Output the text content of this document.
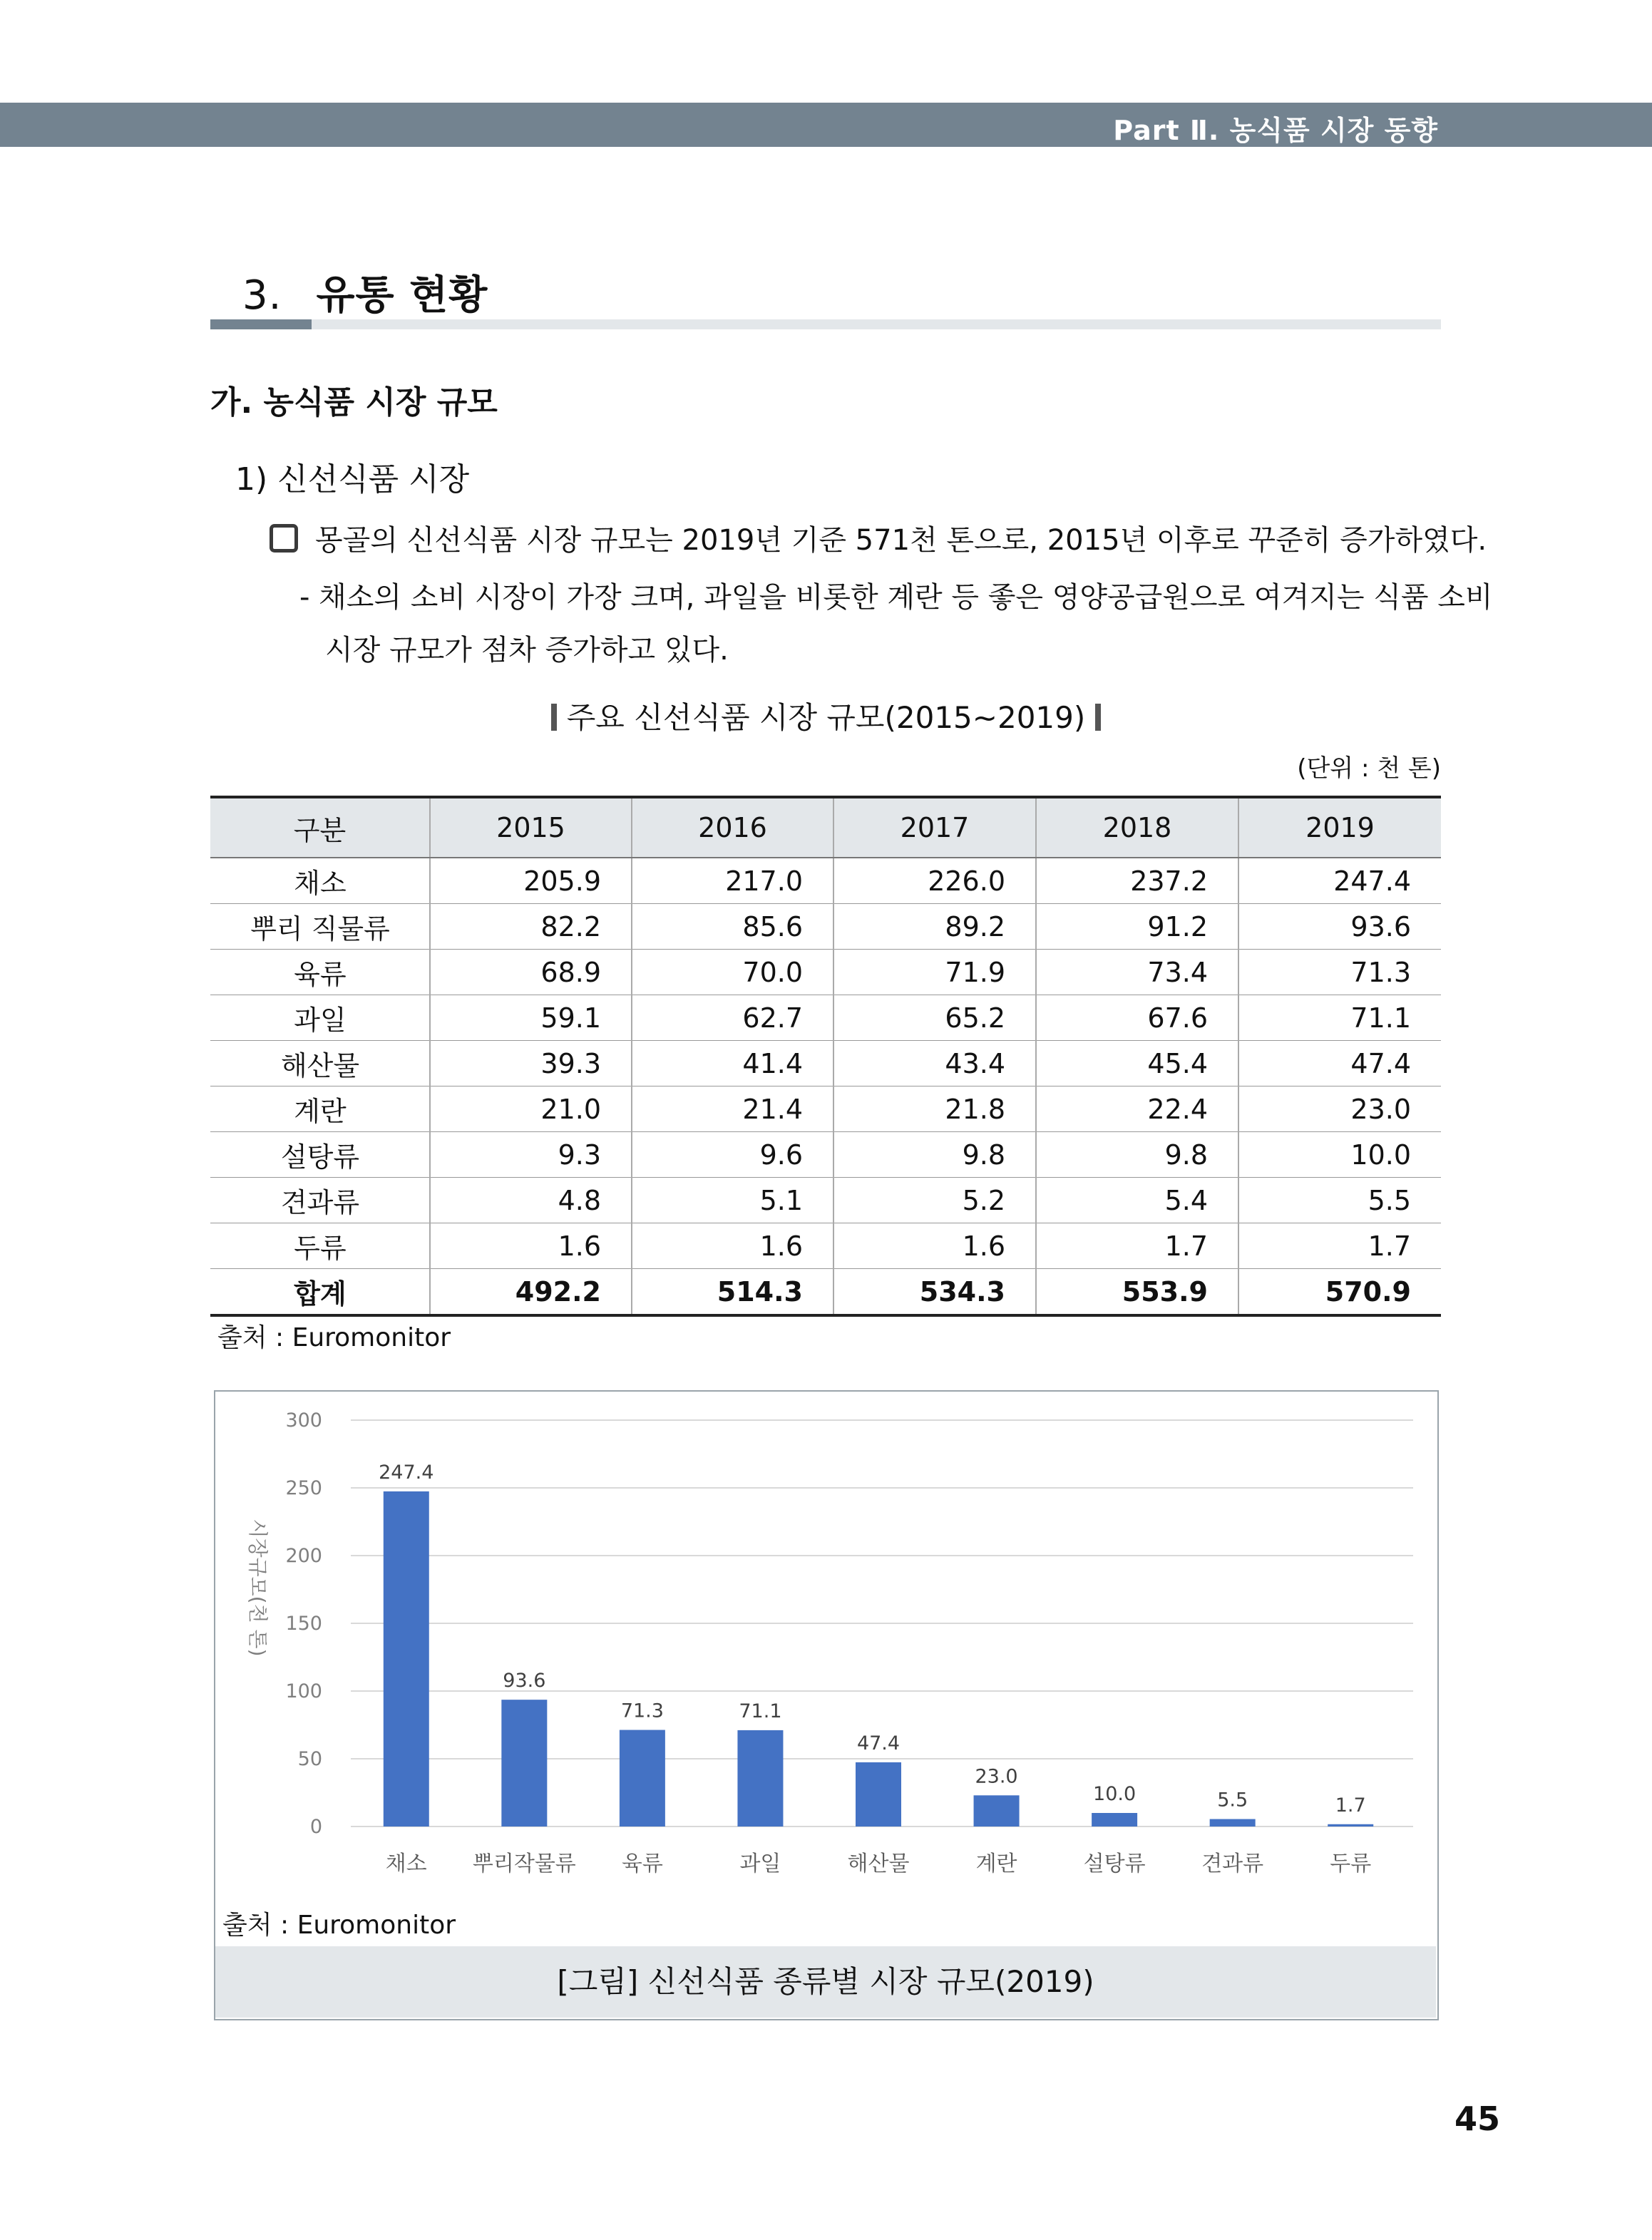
Part Ⅱ. 농식품 시장 동향
3. 유통 현황
가. 농식품 시장 규모
1) 신선식품 시장
몽골의 신선식품 시장 규모는 2019년 기준 571천 톤으로, 2015년 이후로 꾸준히 증가하였다.
- 채소의 소비 시장이 가장 크며, 과일을 비롯한 계란 등 좋은 영양공급원으로 여겨지는 식품 소비
시장 규모가 점차 증가하고 있다.
주요 신선식품 시장 규모(2015~2019)
(단위 : 천 톤)
구분	2015	2016	2017	2018	2019
채소	205.9	217.0	226.0	237.2	247.4
뿌리 직물류	82.2	85.6	89.2	91.2	93.6
육류	68.9	70.0	71.9	73.4	71.3
과일	59.1	62.7	65.2	67.6	71.1
해산물	39.3	41.4	43.4	45.4	47.4
계란	21.0	21.4	21.8	22.4	23.0
설탕류	9.3	9.6	9.8	9.8	10.0
견과류	4.8	5.1	5.2	5.4	5.5
두류	1.6	1.6	1.6	1.7	1.7
합계	492.2	514.3	534.3	553.9	570.9
출처 : Euromonitor
0
50
100
150
200
250
300
247.4
93.6
71.3	71.1
47.4
23.0
10.0	5.5	1.7
채소 뿌리작물류 육류	과일	해산물	계란	설탕류	견과류	두류
시장규모(천 톤)
출처 : Euromonitor
[그림] 신선식품 종류별 시장 규모(2019)
45
